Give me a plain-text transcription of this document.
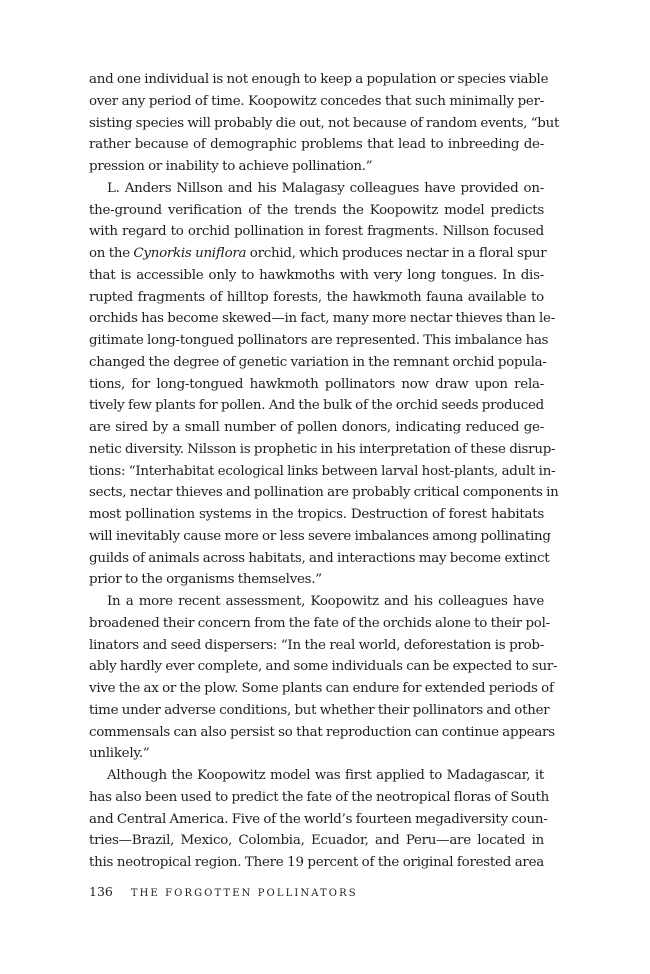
and one individual is not enough to keep a population or species viable
over any period of time. Koopowitz concedes that such minimally per-
sisting species will probably die out, not because of random events, “but
rather because of demographic problems that lead to inbreeding de-
pression or inability to achieve pollination.”
L. Anders Nillson and his Malagasy colleagues have provided on-
the-ground verification of the trends the Koopowitz model predicts
with regard to orchid pollination in forest fragments. Nillson focused
on the Cynorkis uniflora orchid, which produces nectar in a floral spur
that is accessible only to hawkmoths with very long tongues. In dis-
rupted fragments of hilltop forests, the hawkmoth fauna available to
orchids has become skewed—in fact, many more nectar thieves than le-
gitimate long-tongued pollinators are represented. This imbalance has
changed the degree of genetic variation in the remnant orchid popula-
tions, for long-tongued hawkmoth pollinators now draw upon rela-
tively few plants for pollen. And the bulk of the orchid seeds produced
are sired by a small number of pollen donors, indicating reduced ge-
netic diversity. Nilsson is prophetic in his interpretation of these disrup-
tions: “Interhabitat ecological links between larval host-plants, adult in-
sects, nectar thieves and pollination are probably critical components in
most pollination systems in the tropics. Destruction of forest habitats
will inevitably cause more or less severe imbalances among pollinating
guilds of animals across habitats, and interactions may become extinct
prior to the organisms themselves.”
In a more recent assessment, Koopowitz and his colleagues have
broadened their concern from the fate of the orchids alone to their pol-
linators and seed dispersers: “In the real world, deforestation is prob-
ably hardly ever complete, and some individuals can be expected to sur-
vive the ax or the plow. Some plants can endure for extended periods of
time under adverse conditions, but whether their pollinators and other
commensals can also persist so that reproduction can continue appears
unlikely.”
Although the Koopowitz model was first applied to Madagascar, it
has also been used to predict the fate of the neotropical floras of South
and Central America. Five of the world’s fourteen megadiversity coun-
tries—Brazil, Mexico, Colombia, Ecuador, and Peru—are located in
this neotropical region. There 19 percent of the original forested area
136 THE FORGOTTEN POLLINATORS
